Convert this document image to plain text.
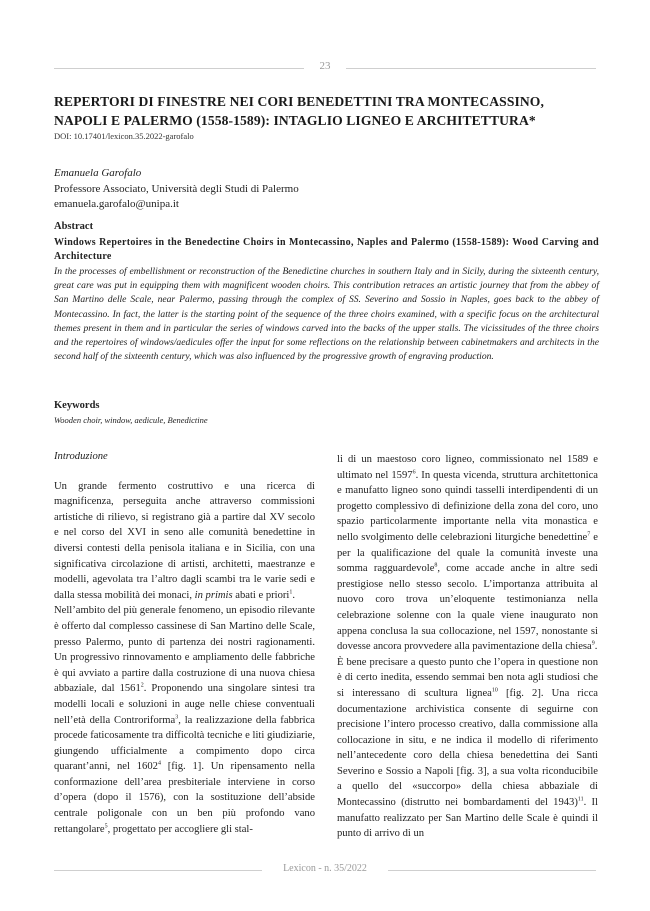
23
REPERTORI DI FINESTRE NEI CORI BENEDETTINI TRA MONTECASSINO, NAPOLI E PALERMO (1558-1589): INTAGLIO LIGNEO E ARCHITETTURA*
DOI: 10.17401/lexicon.35.2022-garofalo
Emanuela Garofalo
Professore Associato, Università degli Studi di Palermo
emanuela.garofalo@unipa.it
Abstract
Windows Repertoires in the Benedectine Choirs in Montecassino, Naples and Palermo (1558-1589): Wood Carving and Architecture
In the processes of embellishment or reconstruction of the Benedictine churches in southern Italy and in Sicily, during the sixteenth century, great care was put in equipping them with magnificent wooden choirs. This contribution retraces an artistic journey that from the abbey of San Martino delle Scale, near Palermo, passing through the complex of SS. Severino and Sossio in Naples, goes back to the abbey of Montecassino. In fact, the latter is the starting point of the sequence of the three choirs examined, with a specific focus on the architectural themes present in them and in particular the series of windows carved into the backs of the upper stalls. The vicissitudes of the three choirs and the repertoires of windows/aedicules offer the input for some reflections on the relationship between cabinetmakers and architects in the second half of the sixteenth century, which was also influenced by the progressive growth of engraving production.
Keywords
Wooden choir, window, aedicule, Benedictine

Introduzione

Un grande fermento costruttivo e una ricerca di magnificenza, perseguita anche attraverso commissioni artistiche di rilievo, si registrano già a partire dal XV secolo e nel corso del XVI in seno alle comunità benedettine in diversi contesti della penisola italiana e in Sicilia, con una significativa circolazione di artisti, architetti, maestranze e modelli, agevolata tra l’altro dagli scambi tra le varie sedi e dalla stessa mobilità dei monaci, in primis abati e priori$^1$.

Nell’ambito del più generale fenomeno, un episodio rilevante è offerto dal complesso cassinese di San Martino delle Scale, presso Palermo, punto di partenza dei nostri ragionamenti. Un progressivo rinnovamento e ampliamento delle fabbriche è qui avviato a partire dalla costruzione di una nuova chiesa abbaziale, dal 1561$^2$. Proponendo una singolare sintesi tra modelli locali e soluzioni in auge nelle chiese conventuali nell’età della Controriforma$^3$, la realizzazione della fabbrica procede faticosamente tra difficoltà tecniche e liti giudiziarie, giungendo ufficialmente a compimento dopo circa quarant’anni, nel 1602$^4$ [fig. 1]. Un ripensamento nella conformazione dell’area presbiteriale interviene in corso d’opera (dopo il 1576), con la sostituzione dell’abside centrale poligonale con un ben più profondo vano rettangolare$^5$, progettato per accogliere gli stal-

li di un maestoso coro ligneo, commissionato nel 1589 e ultimato nel 1597$^6$. In questa vicenda, struttura architettonica e manufatto ligneo sono quindi tasselli interdipendenti di un progetto complessivo di definizione della zona del coro, uno spazio particolarmente importante nella vita monastica e nello svolgimento delle celebrazioni liturgiche benedettine$^7$ e per la qualificazione del quale la comunità investe una somma ragguardevole$^8$, come accade anche in altre sedi prestigiose nello stesso secolo. L’importanza attribuita al nuovo coro trova un’eloquente testimonianza nella celebrazione solenne con la quale viene inaugurato non appena conclusa la sua collocazione, nel 1597, nonostante si dovesse ancora provvedere alla pavimentazione della chiesa$^9$.

È bene precisare a questo punto che l’opera in questione non è di certo inedita, essendo semmai ben nota agli studiosi che si interessano di scultura lignea$^{10}$ [fig. 2]. Una ricca documentazione archivistica consente di seguirne con precisione l’intero processo creativo, dalla commissione alla collocazione in situ, e ne indica il modello di riferimento nell’antecedente coro della chiesa benedettina dei Santi Severino e Sossio a Napoli [fig. 3], a sua volta riconducibile a quello del «succorpo» della chiesa abbaziale di Montecassino (distrutto nei bombardamenti del 1943)$^{11}$. Il manufatto realizzato per San Martino delle Scale è quindi il punto di arrivo di un

Lexicon - n. 35/2022
